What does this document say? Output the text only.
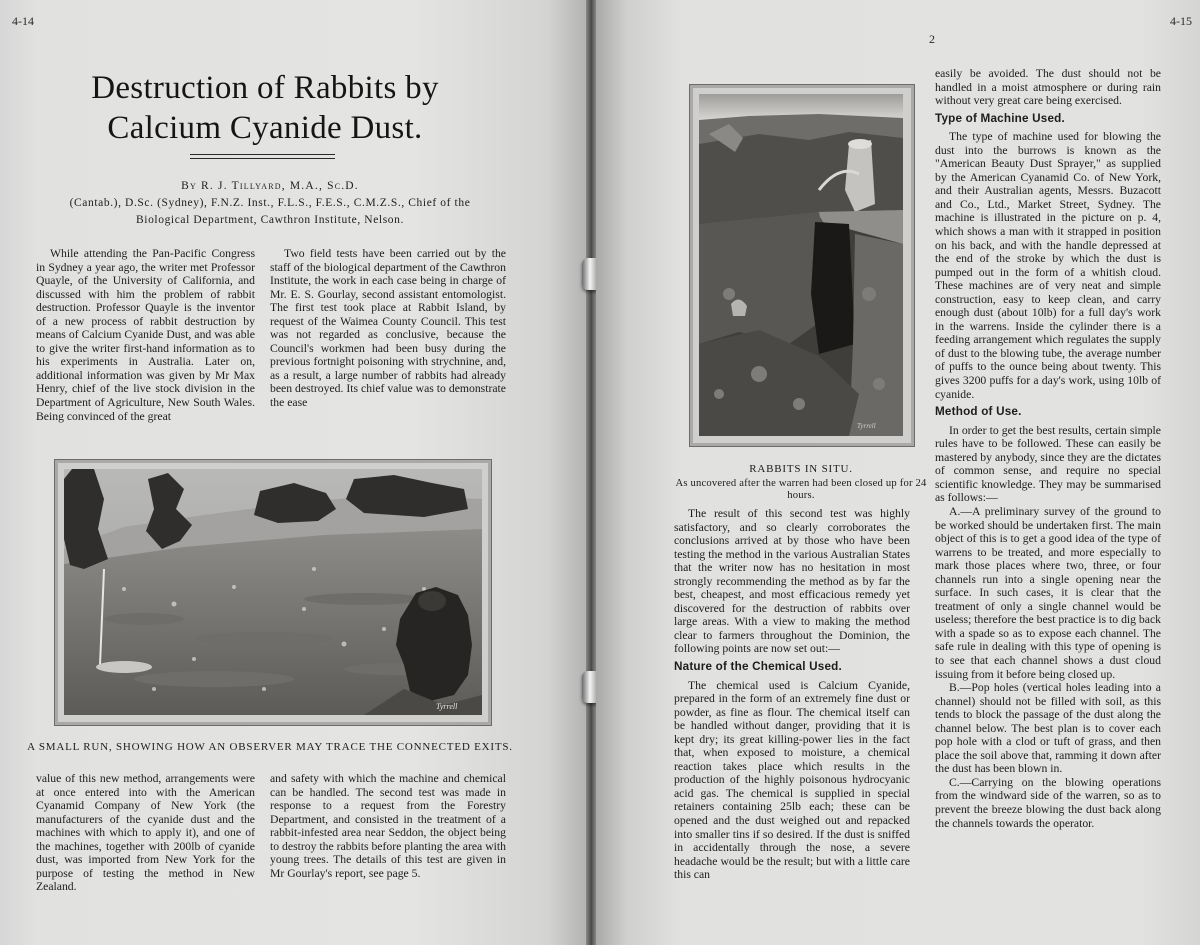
4-14
Destruction of Rabbits by
Calcium Cyanide Dust.
By R. J. Tillyard, M.A., Sc.D.
(Cantab.), D.Sc. (Sydney), F.N.Z. Inst., F.L.S., F.E.S., C.M.Z.S., Chief of the
Biological Department, Cawthron Institute, Nelson.

While attending the Pan-Pacific Congress in Sydney a year ago, the writer met Professor Quayle, of the University of California, and discussed with him the problem of rabbit destruction. Professor Quayle is the inventor of a new process of rabbit destruction by means of Calcium Cyanide Dust, and was able to give the writer first-hand information as to his experiments in Australia. Later on, additional information was given by Mr Max Henry, chief of the live stock division in the Department of Agriculture, New South Wales. Being convinced of the great

Two field tests have been carried out by the staff of the biological department of the Cawthron Institute, the work in each case being in charge of Mr. E. S. Gourlay, second assistant entomologist. The first test took place at Rabbit Island, by request of the Waimea County Council. This test was not regarded as conclusive, because the Council's workmen had been busy during the previous fortnight poisoning with strychnine, and, as a result, a large number of rabbits had already been destroyed. Its chief value was to demonstrate the ease

Tyrrell
A SMALL RUN, SHOWING HOW AN OBSERVER MAY TRACE THE CONNECTED EXITS.

value of this new method, arrangements were at once entered into with the American Cyanamid Company of New York (the manufacturers of the cyanide dust and the machines with which to apply it), and one of the machines, together with 200lb of cyanide dust, was imported from New York for the purpose of testing the method in New Zealand.

and safety with which the machine and chemical can be handled. The second test was made in response to a request from the Forestry Department, and consisted in the treatment of a rabbit-infested area near Seddon, the object being to destroy the rabbits before planting the area with young trees. The details of this test are given in Mr Gourlay's report, see page 5.

2
4-15
Tyrrell
RABBITS IN SITU.
As uncovered after the warren had been closed up for 24 hours.

The result of this second test was highly satisfactory, and so clearly corroborates the conclusions arrived at by those who have been testing the method in the various Australian States that the writer now has no hesitation in most strongly recommending the method as by far the best, cheapest, and most efficacious remedy yet discovered for the destruction of rabbits over large areas. With a view to making the method clear to farmers throughout the Dominion, the following points are now set out:—

Nature of the Chemical Used.

The chemical used is Calcium Cyanide, prepared in the form of an extremely fine dust or powder, as fine as flour. The chemical itself can be handled without danger, providing that it is kept dry; its great killing-power lies in the fact that, when exposed to moisture, a chemical reaction takes place which results in the production of the highly poisonous hydrocyanic acid gas. The chemical is supplied in special retainers containing 25lb each; these can be opened and the dust weighed out and repacked into smaller tins if so desired. If the dust is sniffed in accidentally through the nose, a severe headache would be the result; but with a little care this can

easily be avoided. The dust should not be handled in a moist atmosphere or during rain without very great care being exercised.

Type of Machine Used.

The type of machine used for blowing the dust into the burrows is known as the "American Beauty Dust Sprayer," as supplied by the American Cyanamid Co. of New York, and their Australian agents, Messrs. Buzacott and Co., Ltd., Market Street, Sydney. The machine is illustrated in the picture on p. 4, which shows a man with it strapped in position on his back, and with the handle depressed at the end of the stroke by which the dust is pumped out in the form of a whitish cloud. These machines are of very neat and simple construction, easy to keep clean, and carry enough dust (about 10lb) for a full day's work in the warrens. Inside the cylinder there is a feeding arrangement which regulates the supply of dust to the blowing tube, the average number of puffs to the ounce being about twenty. This gives 3200 puffs for a day's work, using 10lb of cyanide.

Method of Use.

In order to get the best results, certain simple rules have to be followed. These can easily be mastered by anybody, since they are the dictates of common sense, and require no special scientific knowledge. They may be summarised as follows:—

A.—A preliminary survey of the ground to be worked should be undertaken first. The main object of this is to get a good idea of the type of warrens to be treated, and more especially to mark those places where two, three, or four channels run into a single opening near the surface. In such cases, it is clear that the treatment of only a single channel would be useless; therefore the best practice is to dig back with a spade so as to expose each channel. The safe rule in dealing with this type of opening is to see that each channel shows a dust cloud issuing from it before being closed up.

B.—Pop holes (vertical holes leading into a channel) should not be filled with soil, as this tends to block the passage of the dust along the channel below. The best plan is to cover each pop hole with a clod or tuft of grass, and then place the soil above that, ramming it down after the dust has been blown in.

C.—Carrying on the blowing operations from the windward side of the warren, so as to prevent the breeze blowing the dust back along the channels towards the operator.
